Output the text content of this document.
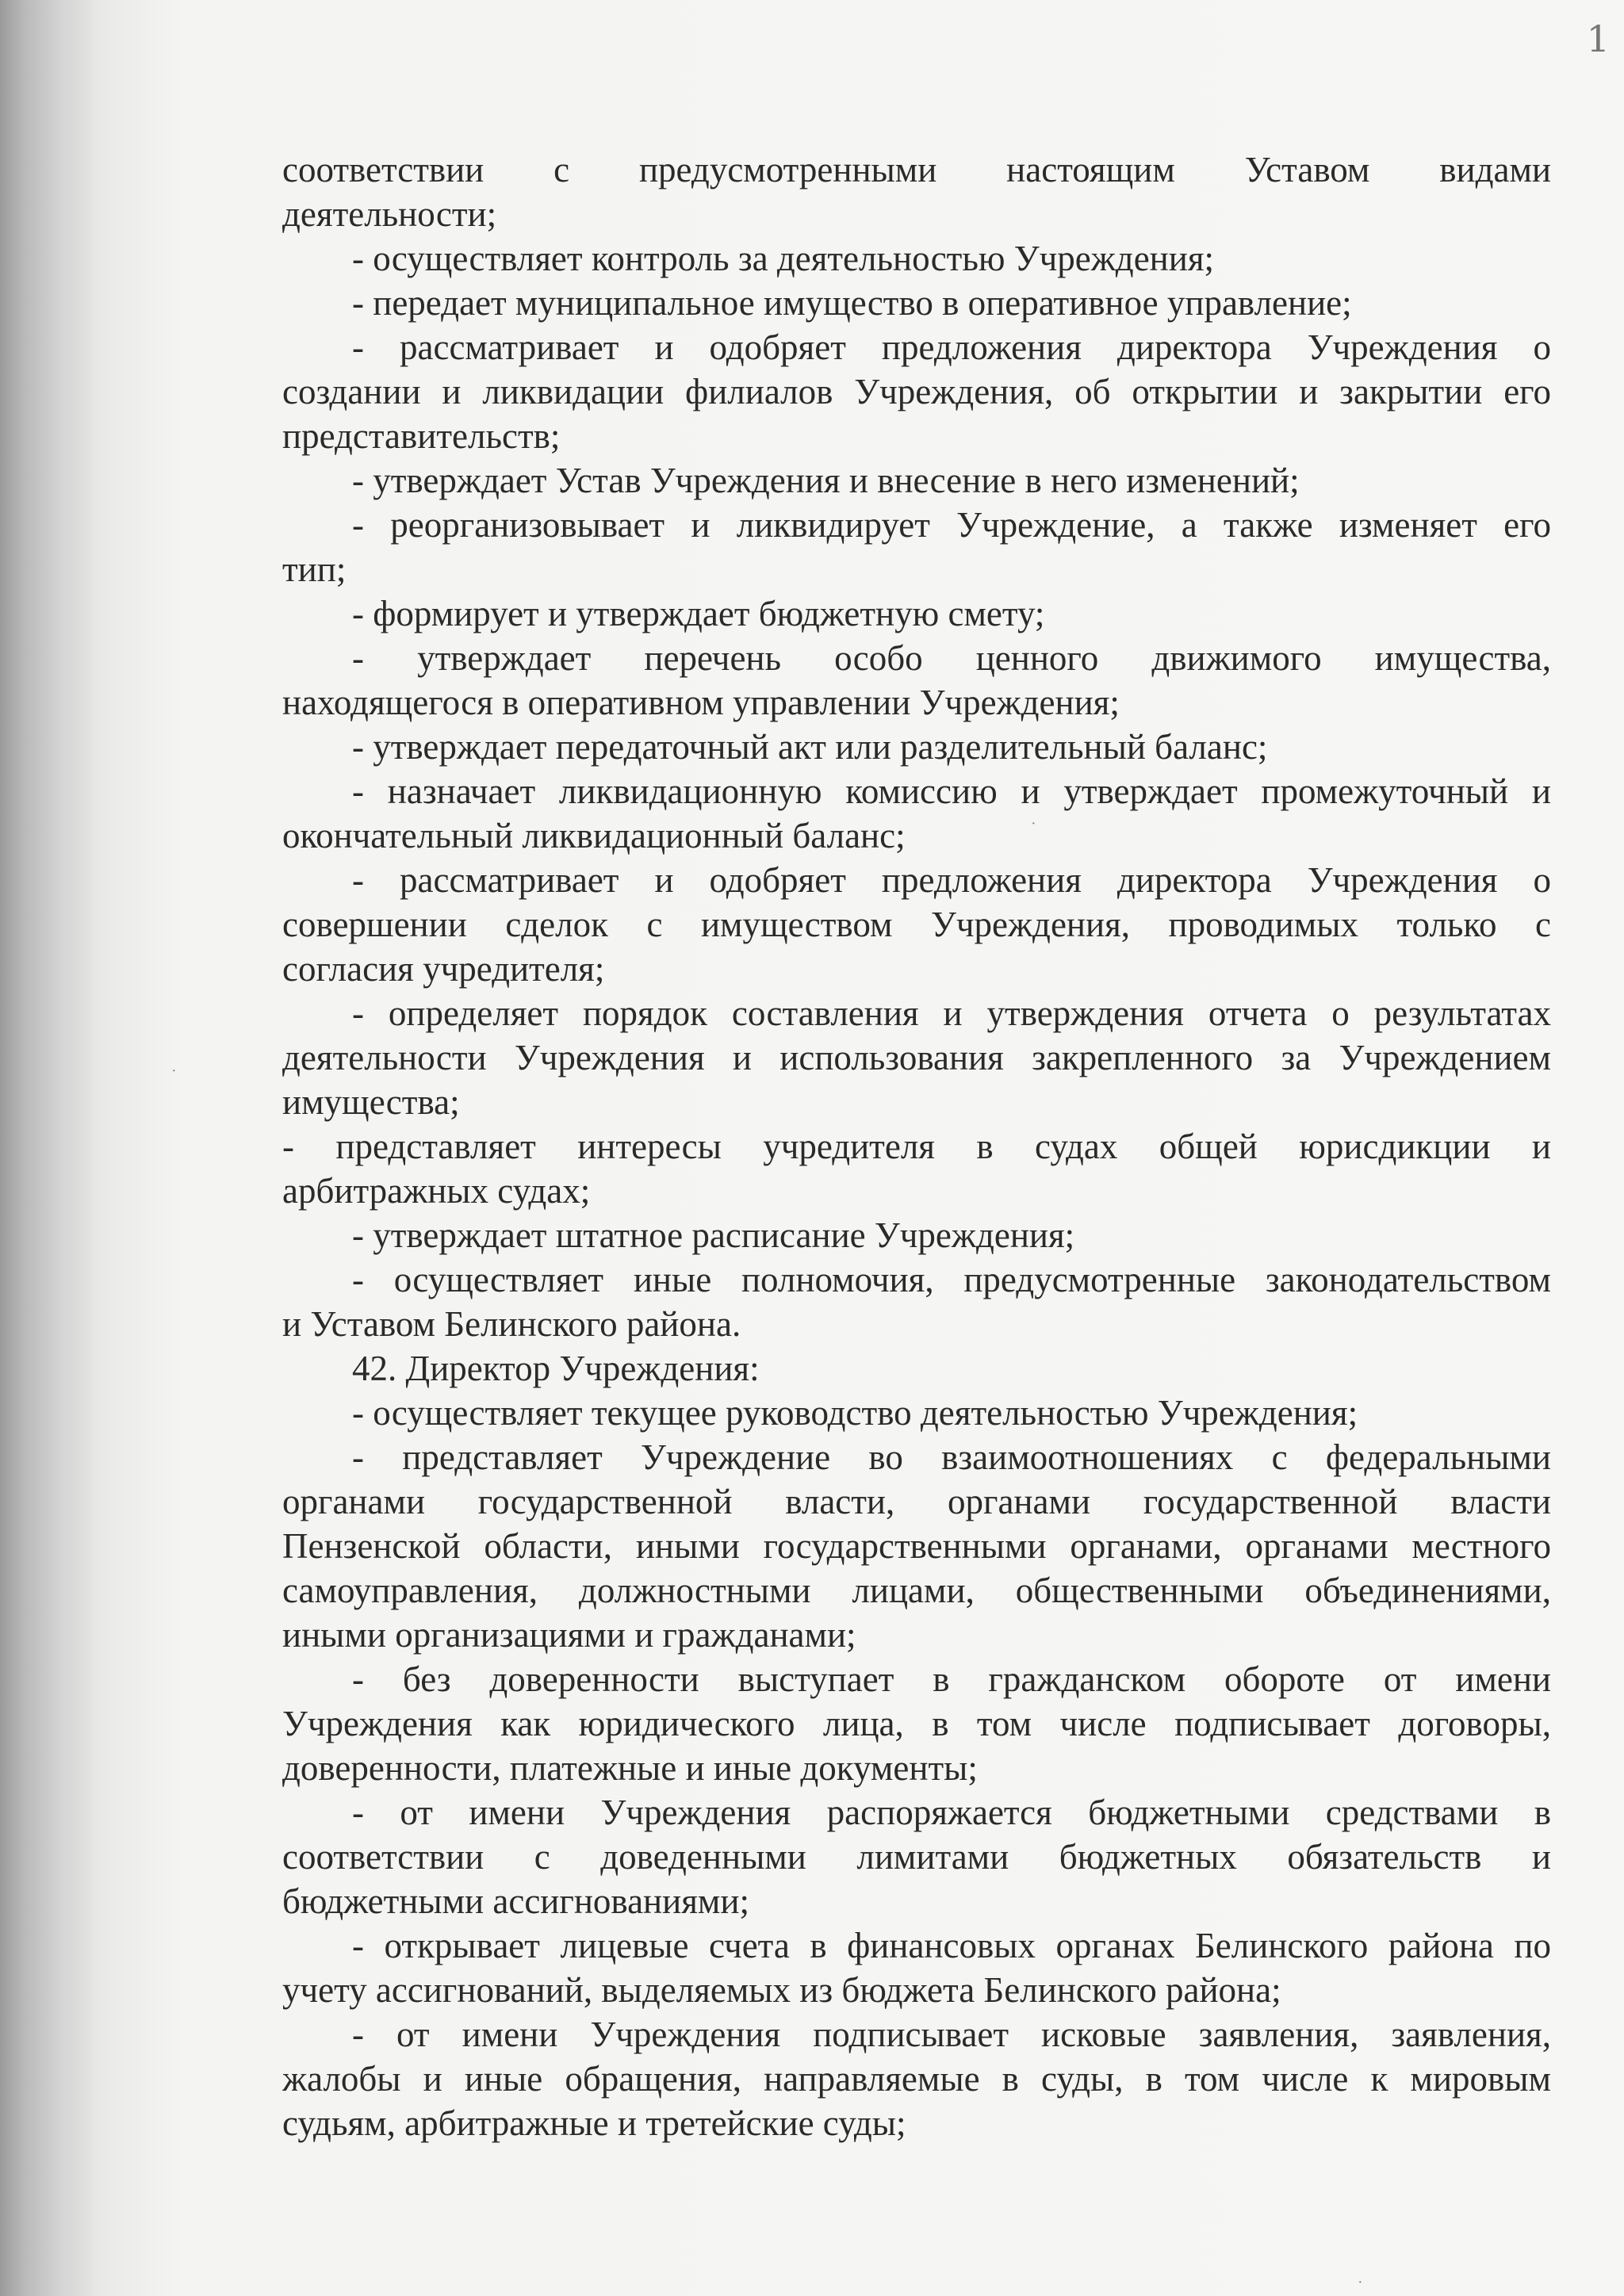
1
·
·
·
соответствии с предусмотренными настоящим Уставом видами
деятельности;
- осуществляет контроль за деятельностью Учреждения;
- передает муниципальное имущество в оперативное управление;
- рассматривает и одобряет предложения директора Учреждения о
создании и ликвидации филиалов Учреждения, об открытии и закрытии его
представительств;
- утверждает Устав Учреждения и внесение в него изменений;
- реорганизовывает и ликвидирует Учреждение, а также изменяет его
тип;
- формирует и утверждает бюджетную смету;
- утверждает перечень особо ценного движимого имущества,
находящегося в оперативном управлении Учреждения;
- утверждает передаточный акт или разделительный баланс;
- назначает ликвидационную комиссию и утверждает промежуточный и
окончательный ликвидационный баланс;
- рассматривает и одобряет предложения директора Учреждения о
совершении сделок с имуществом Учреждения, проводимых только с
согласия учредителя;
- определяет порядок составления и утверждения отчета о результатах
деятельности Учреждения и использования закрепленного за Учреждением
имущества;
- представляет интересы учредителя в судах общей юрисдикции и
арбитражных судах;
- утверждает штатное расписание Учреждения;
- осуществляет иные полномочия, предусмотренные законодательством
и Уставом Белинского района.
42. Директор Учреждения:
- осуществляет текущее руководство деятельностью Учреждения;
- представляет Учреждение во взаимоотношениях с федеральными
органами государственной власти, органами государственной власти
Пензенской области, иными государственными органами, органами местного
самоуправления, должностными лицами, общественными объединениями,
иными организациями и гражданами;
- без доверенности выступает в гражданском обороте от имени
Учреждения как юридического лица, в том числе подписывает договоры,
доверенности, платежные и иные документы;
- от имени Учреждения распоряжается бюджетными средствами в
соответствии с доведенными лимитами бюджетных обязательств и
бюджетными ассигнованиями;
- открывает лицевые счета в финансовых органах Белинского района по
учету ассигнований, выделяемых из бюджета Белинского района;
- от имени Учреждения подписывает исковые заявления, заявления,
жалобы и иные обращения, направляемые в суды, в том числе к мировым
судьям, арбитражные и третейские суды;
